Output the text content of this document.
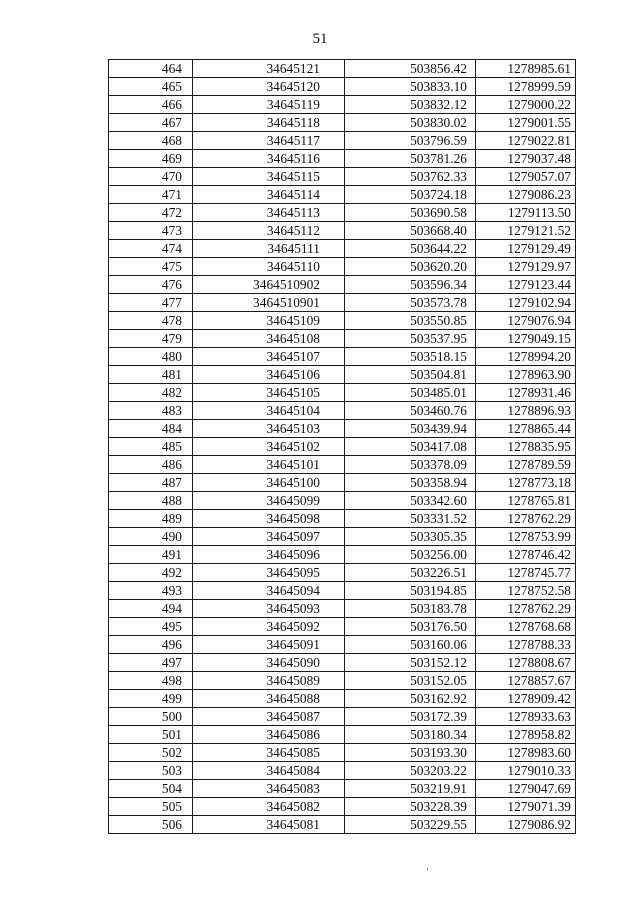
51
464	34645121	503856.42	1278985.61
465	34645120	503833.10	1278999.59
466	34645119	503832.12	1279000.22
467	34645118	503830.02	1279001.55
468	34645117	503796.59	1279022.81
469	34645116	503781.26	1279037.48
470	34645115	503762.33	1279057.07
471	34645114	503724.18	1279086.23
472	34645113	503690.58	1279113.50
473	34645112	503668.40	1279121.52
474	34645111	503644.22	1279129.49
475	34645110	503620.20	1279129.97
476	3464510902	503596.34	1279123.44
477	3464510901	503573.78	1279102.94
478	34645109	503550.85	1279076.94
479	34645108	503537.95	1279049.15
480	34645107	503518.15	1278994.20
481	34645106	503504.81	1278963.90
482	34645105	503485.01	1278931.46
483	34645104	503460.76	1278896.93
484	34645103	503439.94	1278865.44
485	34645102	503417.08	1278835.95
486	34645101	503378.09	1278789.59
487	34645100	503358.94	1278773.18
488	34645099	503342.60	1278765.81
489	34645098	503331.52	1278762.29
490	34645097	503305.35	1278753.99
491	34645096	503256.00	1278746.42
492	34645095	503226.51	1278745.77
493	34645094	503194.85	1278752.58
494	34645093	503183.78	1278762.29
495	34645092	503176.50	1278768.68
496	34645091	503160.06	1278788.33
497	34645090	503152.12	1278808.67
498	34645089	503152.05	1278857.67
499	34645088	503162.92	1278909.42
500	34645087	503172.39	1278933.63
501	34645086	503180.34	1278958.82
502	34645085	503193.30	1278983.60
503	34645084	503203.22	1279010.33
504	34645083	503219.91	1279047.69
505	34645082	503228.39	1279071.39
506	34645081	503229.55	1279086.92
